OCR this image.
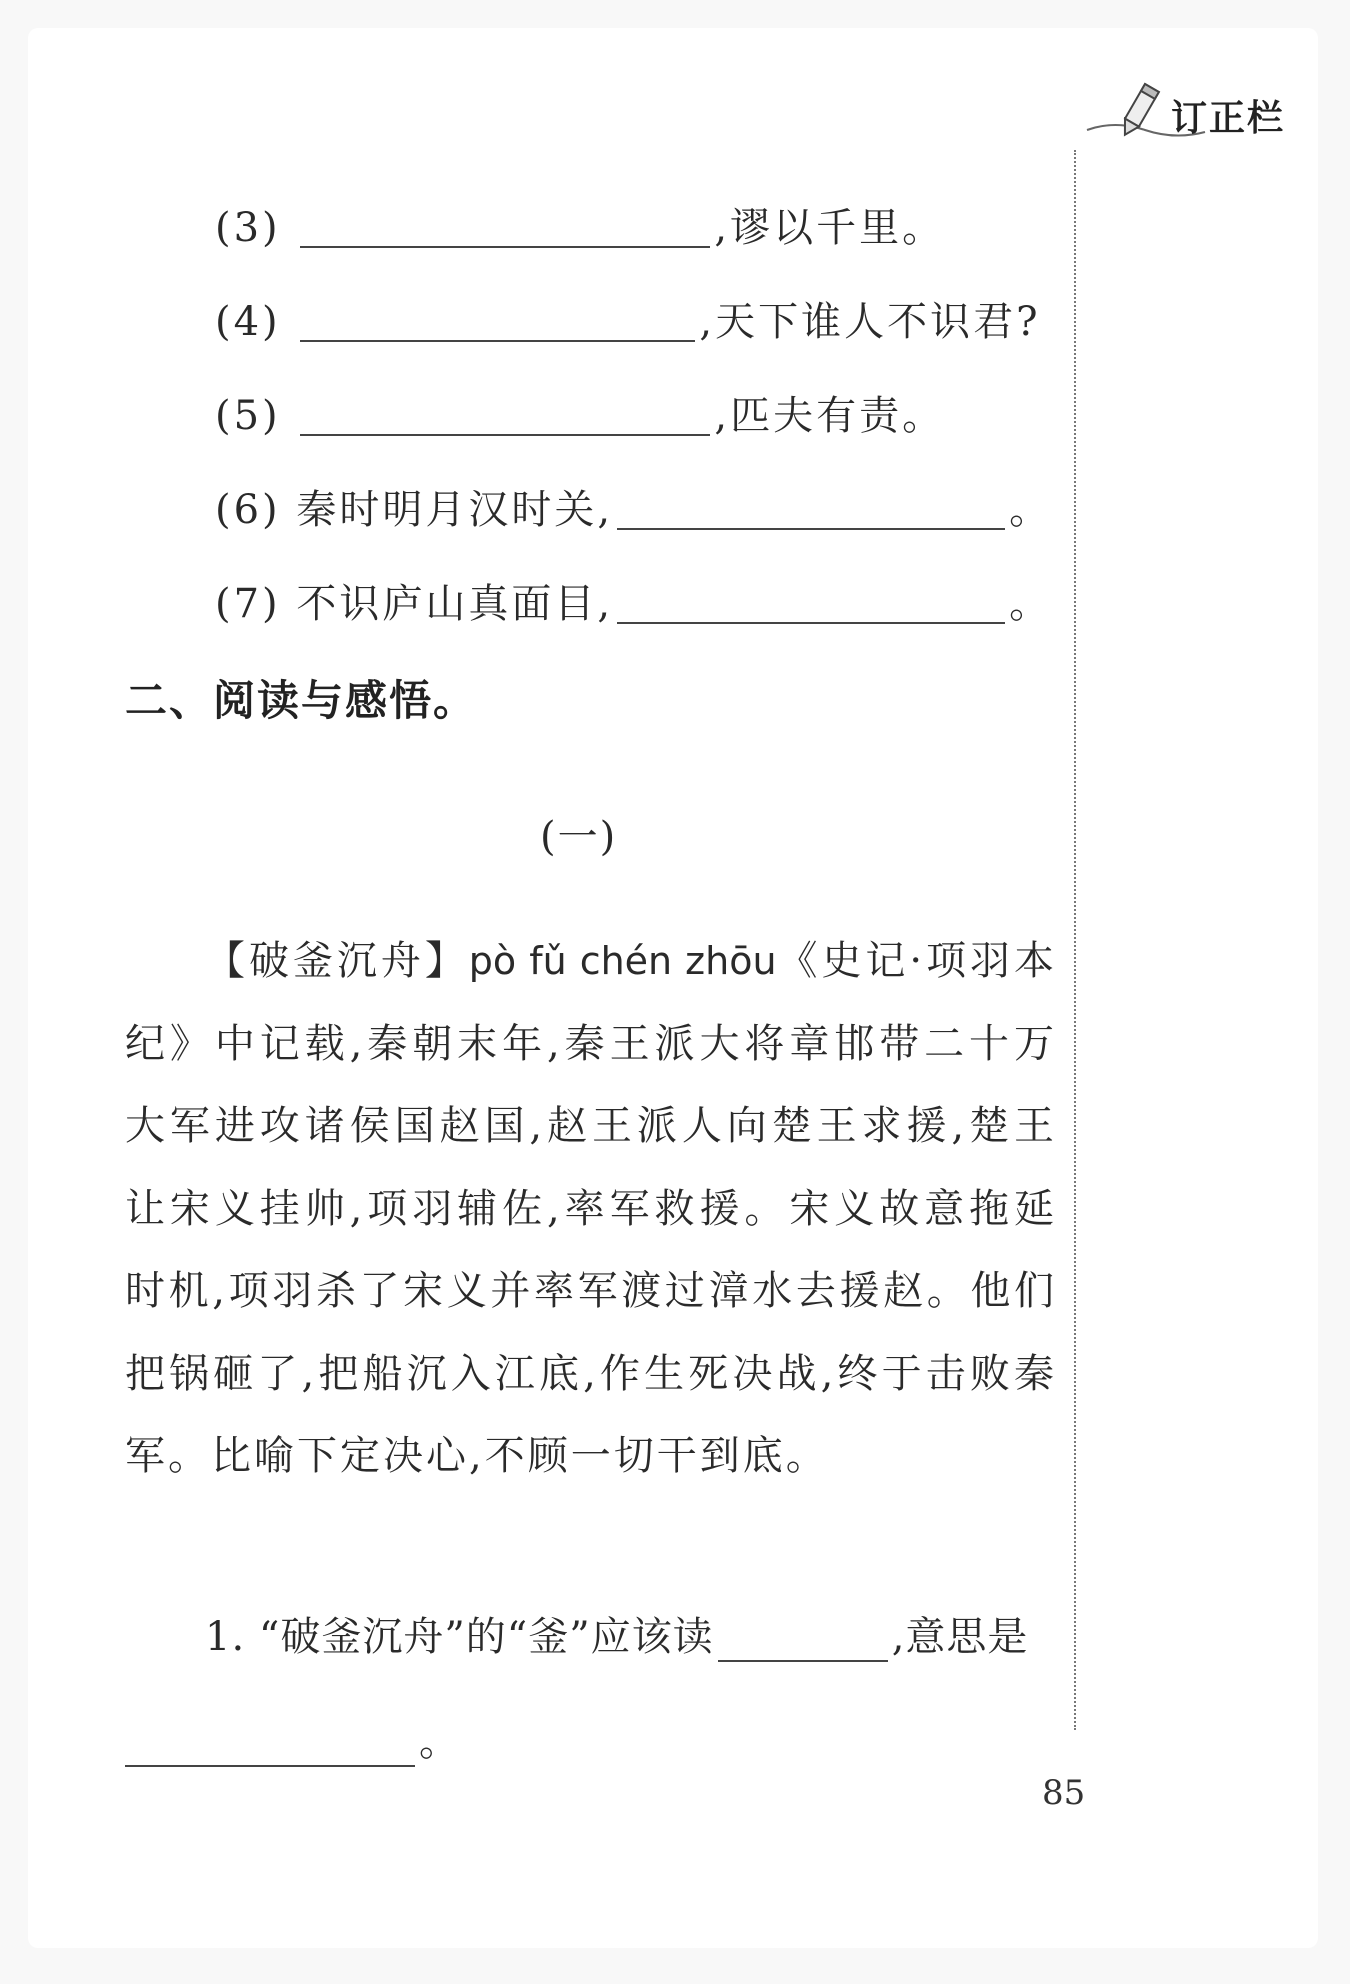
订正栏
(3)	,谬以千里。
(4)	,天下谁人不识君?
(5)	,匹夫有责。
(6) 秦时明月汉时关,	。
(7) 不识庐山真面目,	。
二、阅读与感悟。
(一)
【破釜沉舟】pò fǔ chén zhōu《史记·项羽本纪》中记载,秦朝末年,秦王派大将章邯带二十万大军进攻诸侯国赵国,赵王派人向楚王求援,楚王让宋义挂帅,项羽辅佐,率军救援。宋义故意拖延时机,项羽杀了宋义并率军渡过漳水去援赵。他们把锅砸了,把船沉入江底,作生死决战,终于击败秦军。比喻下定决心,不顾一切干到底。
1. “破釜沉舟”的“釜”应该读	,意思是
。
85
